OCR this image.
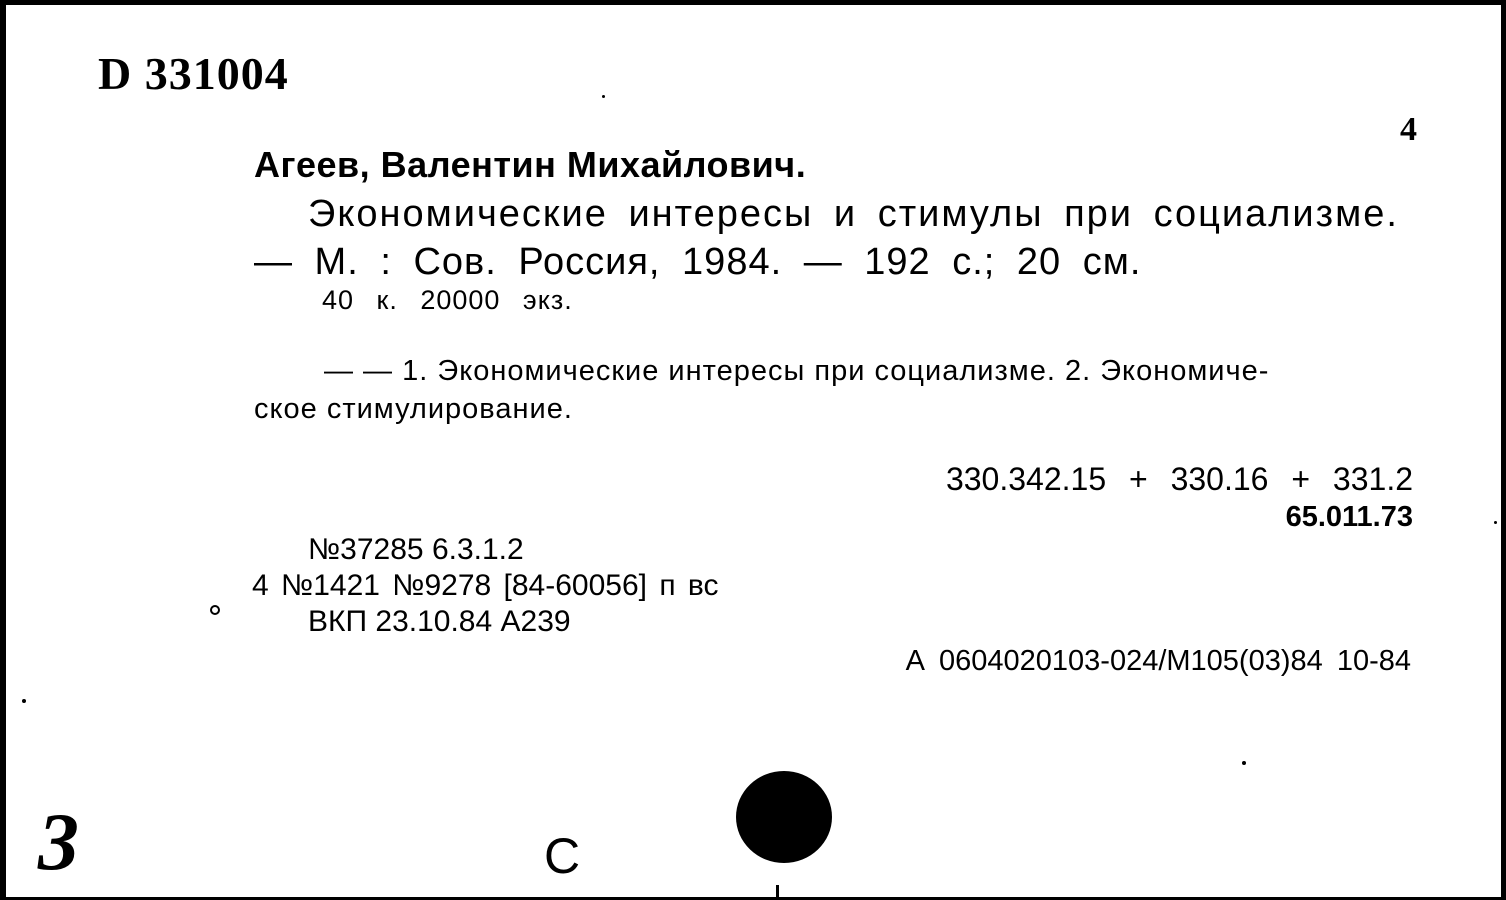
D 331004
4
Агеев, Валентин Михайлович.
Экономические интересы и стимулы при социализме.
— М. : Сов. Россия, 1984. — 192 с.; 20 см.
40 к. 20000 экз.
— — 1. Экономические интересы при социализме. 2. Экономиче-
ское стимулирование.
330.342.15 + 330.16 + 331.2
65.011.73
№37285 6.3.1.2
4 №1421 №9278 [84-60056] п вс
ВКП 23.10.84 А239
А 0604020103-024/М105(03)84 10-84
3	С
